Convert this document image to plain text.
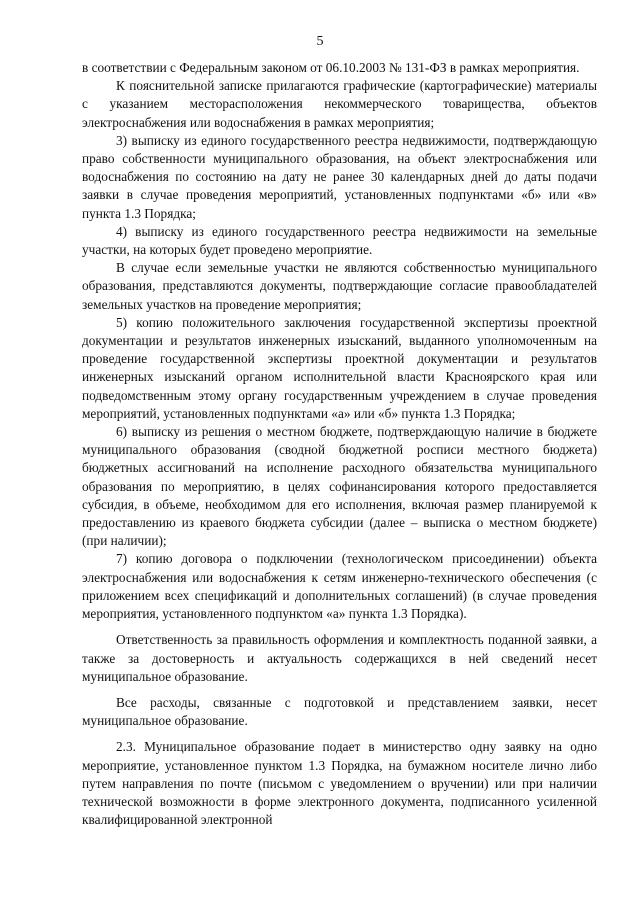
5

в соответствии с Федеральным законом от 06.10.2003 № 131-ФЗ в рамках мероприятия.

К пояснительной записке прилагаются графические (картографические) материалы с указанием месторасположения некоммерческого товарищества, объектов электроснабжения или водоснабжения в рамках мероприятия;

3) выписку из единого государственного реестра недвижимости, подтверждающую право собственности муниципального образования, на объект электроснабжения или водоснабжения по состоянию на дату не ранее 30 календарных дней до даты подачи заявки в случае проведения мероприятий, установленных подпунктами «б» или «в» пункта 1.3 Порядка;

4) выписку из единого государственного реестра недвижимости на земельные участки, на которых будет проведено мероприятие.

В случае если земельные участки не являются собственностью муниципального образования, представляются документы, подтверждающие согласие правообладателей земельных участков на проведение мероприятия;

5) копию положительного заключения государственной экспертизы проектной документации и результатов инженерных изысканий, выданного уполномоченным на проведение государственной экспертизы проектной документации и результатов инженерных изысканий органом исполнительной власти Красноярского края или подведомственным этому органу государственным учреждением в случае проведения мероприятий, установленных подпунктами «а» или «б» пункта 1.3 Порядка;

6) выписку из решения о местном бюджете, подтверждающую наличие в бюджете муниципального образования (сводной бюджетной росписи местного бюджета) бюджетных ассигнований на исполнение расходного обязательства муниципального образования по мероприятию, в целях софинансирования которого предоставляется субсидия, в объеме, необходимом для его исполнения, включая размер планируемой к предоставлению из краевого бюджета субсидии (далее – выписка о местном бюджете) (при наличии);

7) копию договора о подключении (технологическом присоединении) объекта электроснабжения или водоснабжения к сетям инженерно-технического обеспечения (с приложением всех спецификаций и дополнительных соглашений) (в случае проведения мероприятия, установленного подпунктом «а» пункта 1.3 Порядка).

Ответственность за правильность оформления и комплектность поданной заявки, а также за достоверность и актуальность содержащихся в ней сведений несет муниципальное образование.

Все расходы, связанные с подготовкой и представлением заявки, несет муниципальное образование.

2.3. Муниципальное образование подает в министерство одну заявку на одно мероприятие, установленное пунктом 1.3 Порядка, на бумажном носителе лично либо путем направления по почте (письмом с уведомлением о вручении) или при наличии технической возможности в форме электронного документа, подписанного усиленной квалифицированной электронной
